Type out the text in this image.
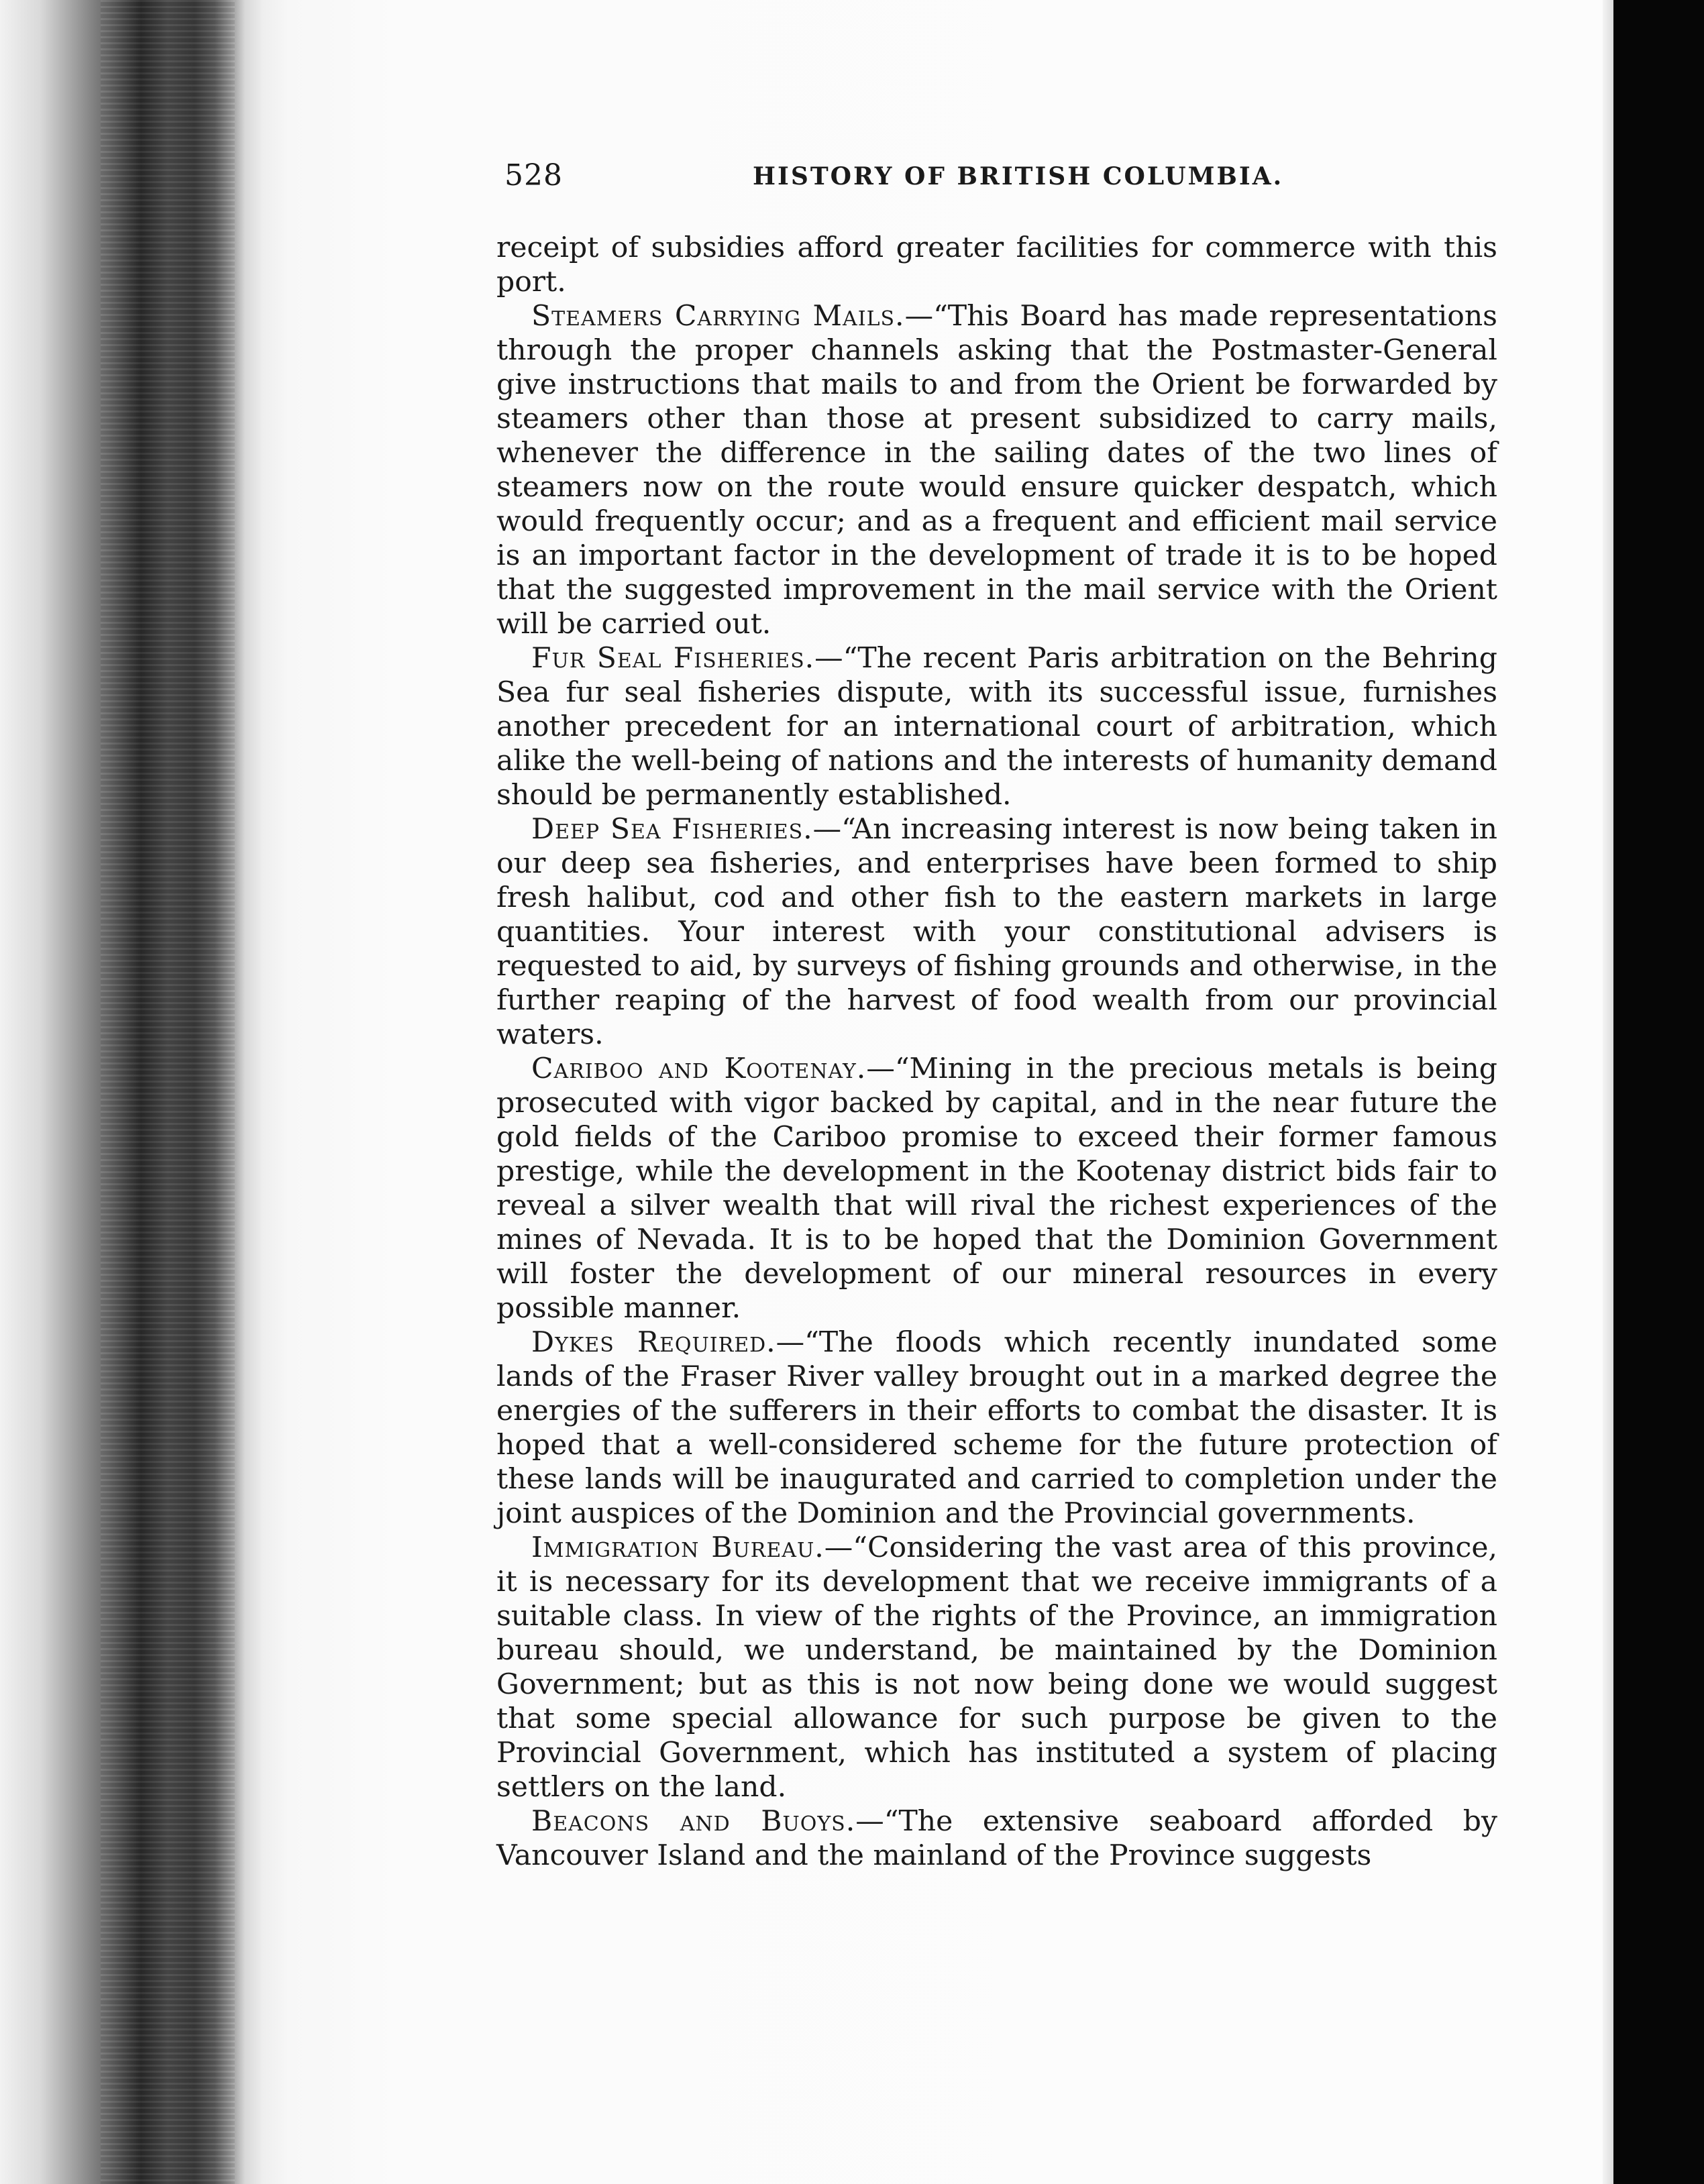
528	HISTORY OF BRITISH COLUMBIA.

receipt of subsidies afford greater facilities for commerce with this port.

Steamers Carrying Mails.—“This Board has made representations through the proper channels asking that the Postmaster-General give instructions that mails to and from the Orient be forwarded by steamers other than those at present subsidized to carry mails, whenever the difference in the sailing dates of the two lines of steamers now on the route would ensure quicker despatch, which would frequently occur; and as a frequent and efficient mail service is an important factor in the development of trade it is to be hoped that the suggested improvement in the mail service with the Orient will be carried out.

Fur Seal Fisheries.—“The recent Paris arbitration on the Behring Sea fur seal fisheries dispute, with its successful issue, furnishes another precedent for an international court of arbitration, which alike the well-being of nations and the interests of humanity demand should be permanently established.

Deep Sea Fisheries.—“An increasing interest is now being taken in our deep sea fisheries, and enterprises have been formed to ship fresh halibut, cod and other fish to the eastern markets in large quantities. Your interest with your constitutional advisers is requested to aid, by surveys of fishing grounds and otherwise, in the further reaping of the harvest of food wealth from our provincial waters.

Cariboo and Kootenay.—“Mining in the precious metals is being prosecuted with vigor backed by capital, and in the near future the gold fields of the Cariboo promise to exceed their former famous prestige, while the development in the Kootenay district bids fair to reveal a silver wealth that will rival the richest experiences of the mines of Nevada. It is to be hoped that the Dominion Government will foster the development of our mineral resources in every possible manner.

Dykes Required.—“The floods which recently inundated some lands of the Fraser River valley brought out in a marked degree the energies of the sufferers in their efforts to combat the disaster. It is hoped that a well-considered scheme for the future protection of these lands will be inaugurated and carried to completion under the joint auspices of the Dominion and the Provincial governments.

Immigration Bureau.—“Considering the vast area of this province, it is necessary for its development that we receive immigrants of a suitable class. In view of the rights of the Province, an immigration bureau should, we understand, be maintained by the Dominion Government; but as this is not now being done we would suggest that some special allowance for such purpose be given to the Provincial Government, which has instituted a system of placing settlers on the land.

Beacons and Buoys.—“The extensive seaboard afforded by Vancouver Island and the mainland of the Province suggests
